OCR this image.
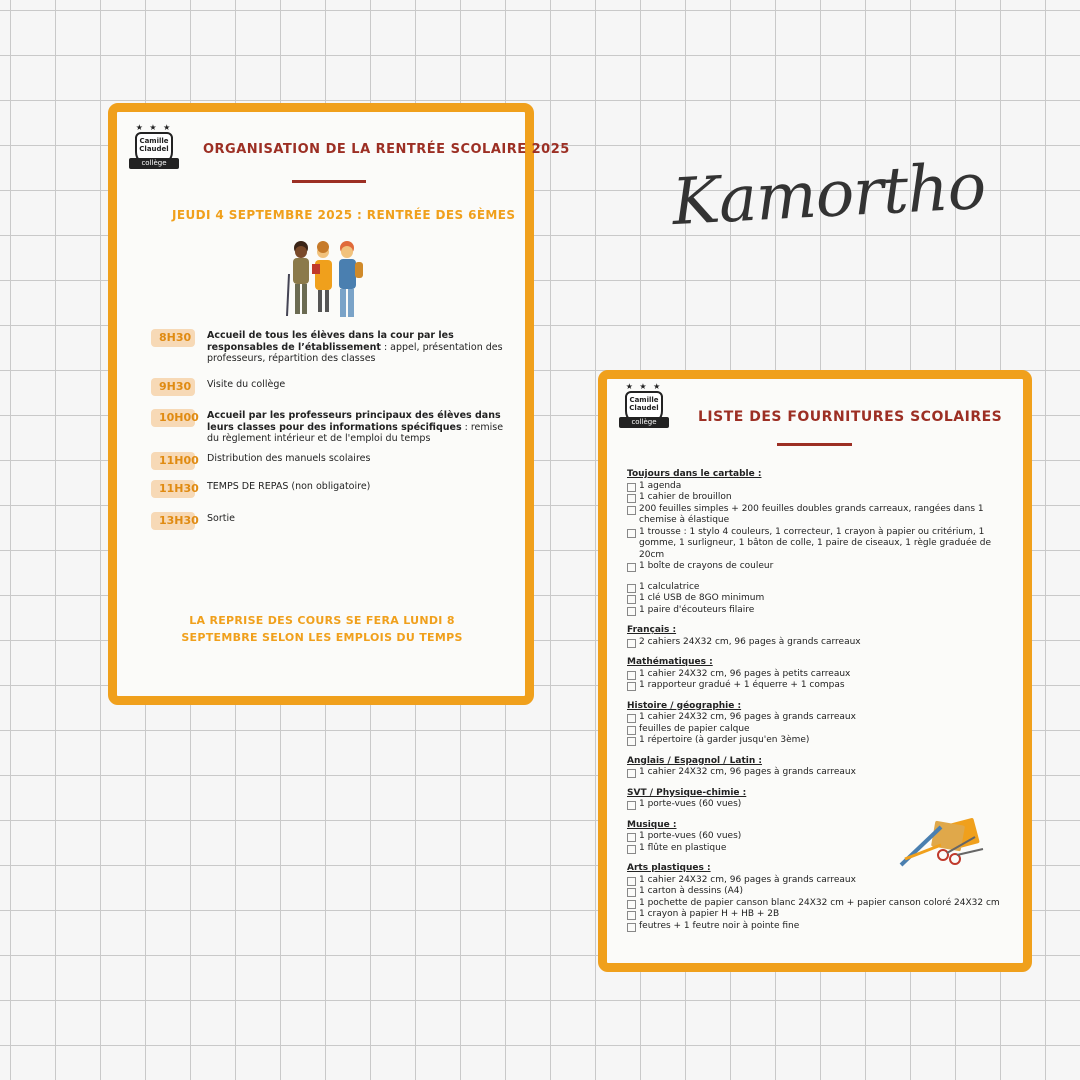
Kamortho
★ ★ ★
Camille
Claudel
collège
ORGANISATION DE LA RENTRÉE SCOLAIRE 2025
JEUDI 4 SEPTEMBRE 2025 : RENTRÉE DES 6ÈMES
8H30	Accueil de tous les élèves dans la cour par les responsables de l’établissement : appel, présentation des professeurs, répartition des classes
9H30	Visite du collège
10H00 Accueil par les professeurs principaux des élèves dans leurs classes pour des informations spécifiques : remise du règlement intérieur et de l'emploi du temps
11H00 Distribution des manuels scolaires
11H30 TEMPS DE REPAS (non obligatoire)
13H30 Sortie
LA REPRISE DES COURS SE FERA LUNDI 8
SEPTEMBRE SELON LES EMPLOIS DU TEMPS
★ ★ ★
Camille
Claudel
collège	LISTE DES FOURNITURES SCOLAIRES
Toujours dans le cartable :
1 agenda
1 cahier de brouillon
200 feuilles simples + 200 feuilles doubles grands carreaux, rangées dans 1 chemise à élastique
1 trousse : 1 stylo 4 couleurs, 1 correcteur, 1 crayon à papier ou critérium, 1 gomme, 1 surligneur, 1 bâton de colle, 1 paire de ciseaux, 1 règle graduée de 20cm
1 boîte de crayons de couleur
1 calculatrice
1 clé USB de 8GO minimum
1 paire d'écouteurs filaire
Français :
2 cahiers 24X32 cm, 96 pages à grands carreaux
Mathématiques :
1 cahier 24X32 cm, 96 pages à petits carreaux
1 rapporteur gradué + 1 équerre + 1 compas
Histoire / géographie :
1 cahier 24X32 cm, 96 pages à grands carreaux
feuilles de papier calque
1 répertoire (à garder jusqu'en 3ème)
Anglais / Espagnol / Latin :
1 cahier 24X32 cm, 96 pages à grands carreaux
SVT / Physique-chimie :
1 porte-vues (60 vues)
Musique :
1 porte-vues (60 vues)
1 flûte en plastique
Arts plastiques :
1 cahier 24X32 cm, 96 pages à grands carreaux
1 carton à dessins (A4)
1 pochette de papier canson blanc 24X32 cm + papier canson coloré 24X32 cm
1 crayon à papier H + HB + 2B
feutres + 1 feutre noir à pointe fine
